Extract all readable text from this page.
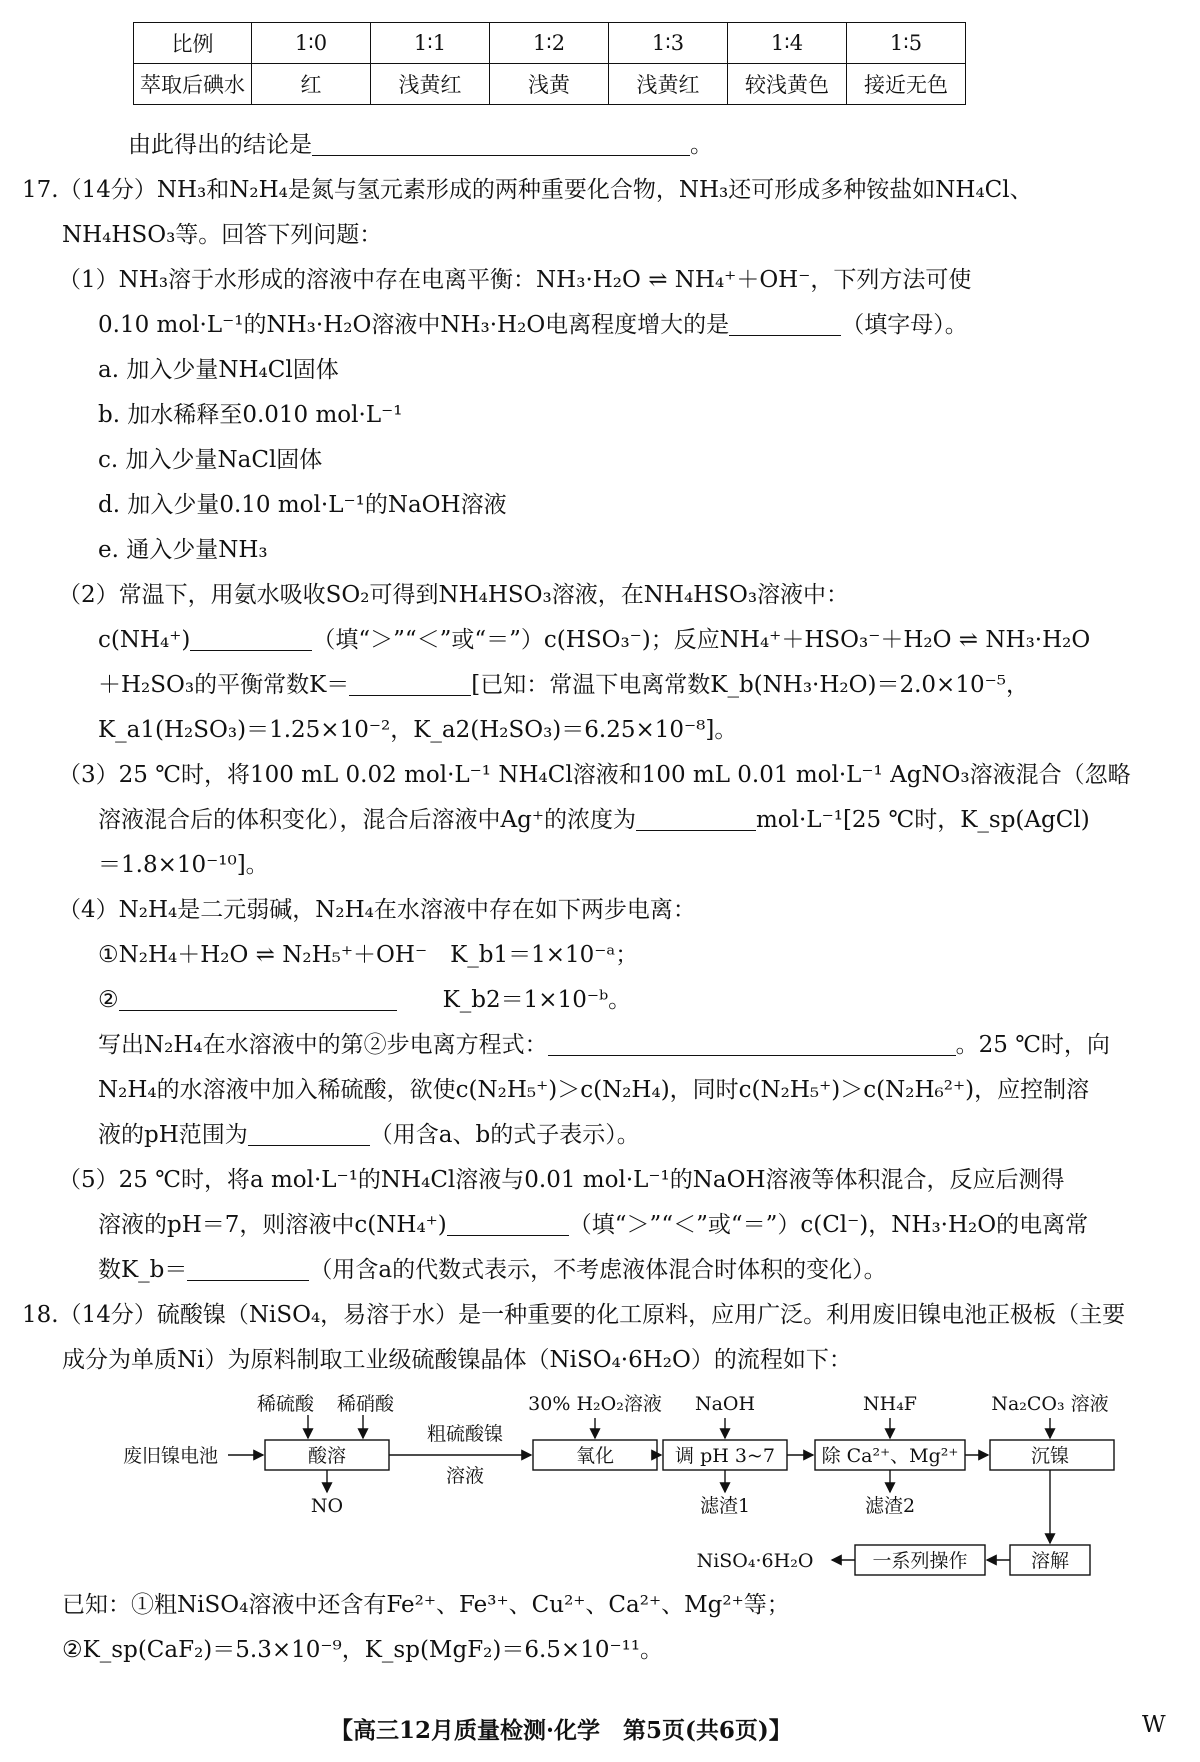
比例	1∶0	1∶1	1∶2	1∶3	1∶4	1∶5
萃取后碘水	红	浅黄红	浅黄	浅黄红	较浅黄色	接近无色
由此得出的结论是	。
17.（14分）NH₃和N₂H₄是氮与氢元素形成的两种重要化合物，NH₃还可形成多种铵盐如NH₄Cl、
NH₄HSO₃等。回答下列问题：
（1）NH₃溶于水形成的溶液中存在电离平衡：NH₃·H₂O ⇌ NH₄⁺＋OH⁻，下列方法可使
0.10 mol·L⁻¹的NH₃·H₂O溶液中NH₃·H₂O电离程度增大的是	（填字母）。
a. 加入少量NH₄Cl固体
b. 加水稀释至0.010 mol·L⁻¹
c. 加入少量NaCl固体
d. 加入少量0.10 mol·L⁻¹的NaOH溶液
e. 通入少量NH₃
（2）常温下，用氨水吸收SO₂可得到NH₄HSO₃溶液，在NH₄HSO₃溶液中：
c(NH₄⁺)	（填“＞”“＜”或“＝”）c(HSO₃⁻)；反应NH₄⁺＋HSO₃⁻＋H₂O ⇌ NH₃·H₂O
＋H₂SO₃的平衡常数K＝	[已知：常温下电离常数K_b(NH₃·H₂O)＝2.0×10⁻⁵，
K_a1(H₂SO₃)＝1.25×10⁻²，K_a2(H₂SO₃)＝6.25×10⁻⁸]。
（3）25 ℃时，将100 mL 0.02 mol·L⁻¹ NH₄Cl溶液和100 mL 0.01 mol·L⁻¹ AgNO₃溶液混合（忽略
溶液混合后的体积变化），混合后溶液中Ag⁺的浓度为	mol·L⁻¹[25 ℃时，K_sp(AgCl)
＝1.8×10⁻¹⁰]。
（4）N₂H₄是二元弱碱，N₂H₄在水溶液中存在如下两步电离：
①N₂H₄＋H₂O ⇌ N₂H₅⁺＋OH⁻　K_b1＝1×10⁻ᵃ；
②　　	K_b2＝1×10⁻ᵇ。
写出N₂H₄在水溶液中的第②步电离方程式：	。25 ℃时，向
N₂H₄的水溶液中加入稀硫酸，欲使c(N₂H₅⁺)＞c(N₂H₄)，同时c(N₂H₅⁺)＞c(N₂H₆²⁺)，应控制溶
液的pH范围为	（用含a、b的式子表示）。
（5）25 ℃时，将a mol·L⁻¹的NH₄Cl溶液与0.01 mol·L⁻¹的NaOH溶液等体积混合，反应后测得
溶液的pH＝7，则溶液中c(NH₄⁺)	（填“＞”“＜”或“＝”）c(Cl⁻)，NH₃·H₂O的电离常
数K_b＝	（用含a的代数式表示，不考虑液体混合时体积的变化）。
18.（14分）硫酸镍（NiSO₄，易溶于水）是一种重要的化工原料，应用广泛。利用废旧镍电池正极板（主要
成分为单质Ni）为原料制取工业级硫酸镍晶体（NiSO₄·6H₂O）的流程如下：
废旧镍电池
稀硫酸 稀硝酸
酸溶
NO
粗硫酸镍
溶液
30% H₂O₂溶液
氧化
NaOH
调 pH 3~7
滤渣1
NH₄F
除 Ca²⁺、Mg²⁺
滤渣2
Na₂CO₃ 溶液
沉镍
溶解
一系列操作
NiSO₄·6H₂O
已知：①粗NiSO₄溶液中还含有Fe²⁺、Fe³⁺、Cu²⁺、Ca²⁺、Mg²⁺等；
②K_sp(CaF₂)＝5.3×10⁻⁹，K_sp(MgF₂)＝6.5×10⁻¹¹。
【高三12月质量检测·化学　第5页(共6页)】	W
